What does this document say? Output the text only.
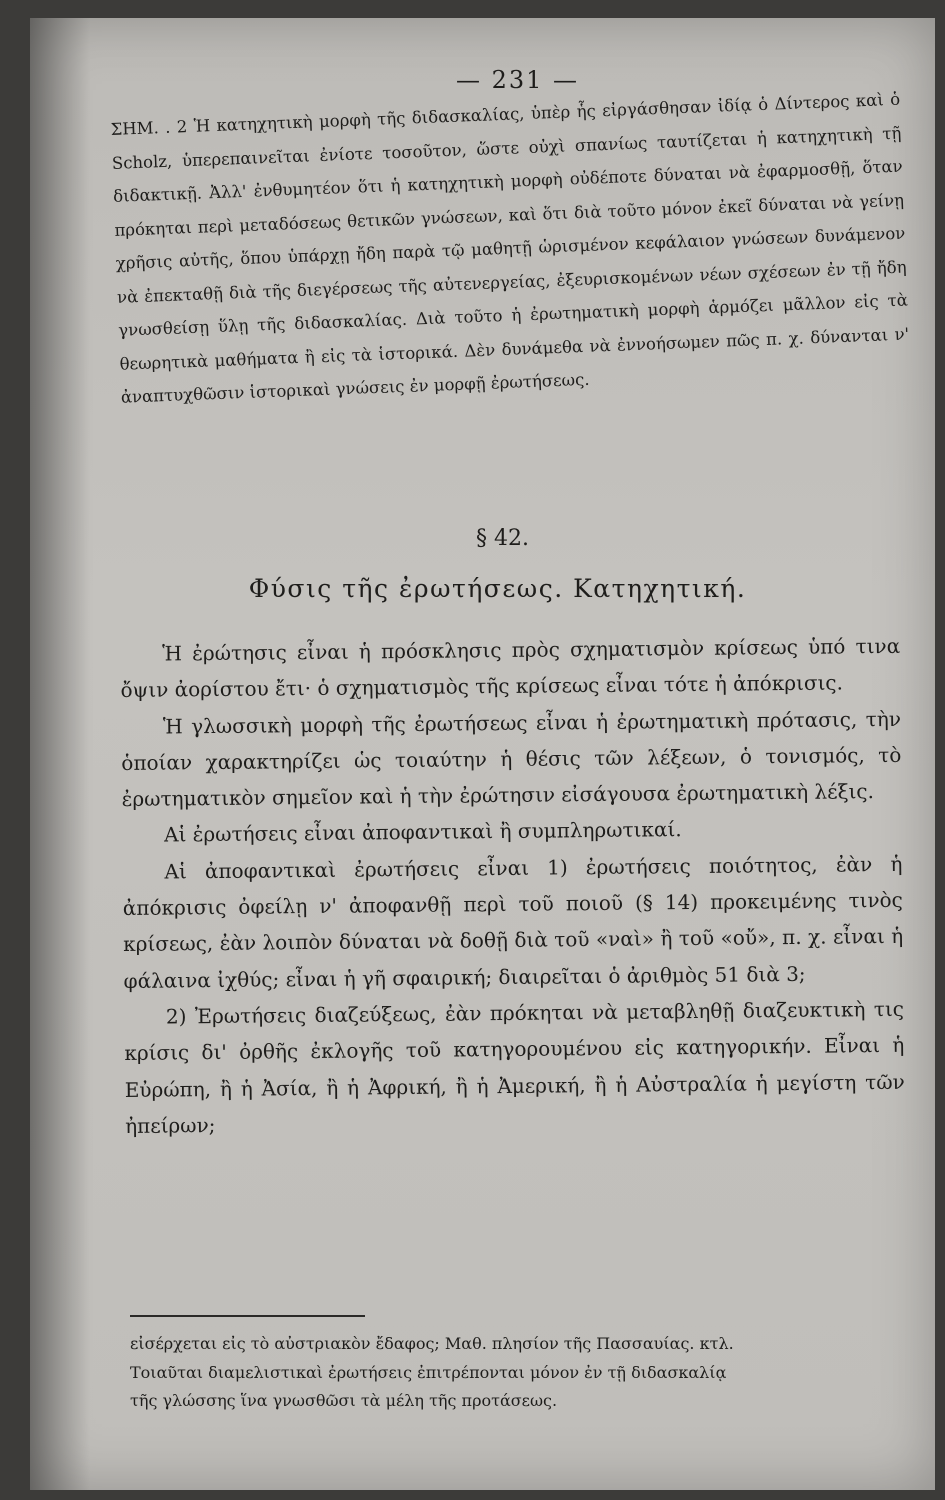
— 231 —

ΣΗΜ. . 2 Ἡ κατηχητικὴ μορφὴ τῆς διδασκαλίας, ὑπὲρ ἧς εἰργάσθησαν ἰδίᾳ ὁ Δίντερος καὶ ὁ Scholz, ὑπερεπαινεῖται ἐνίοτε τοσοῦτον, ὥστε οὐχὶ σπανίως ταυτίζεται ἡ κατηχητικὴ τῇ διδακτικῇ. Ἀλλ' ἐνθυμητέον ὅτι ἡ κατηχητικὴ μορφὴ οὐδέποτε δύναται νὰ ἐφαρμοσθῇ, ὅταν πρόκηται περὶ μεταδόσεως θετικῶν γνώσεων, καὶ ὅτι διὰ τοῦτο μόνον ἐκεῖ δύναται νὰ γείνῃ χρῆσις αὐτῆς, ὅπου ὑπάρχῃ ἤδη παρὰ τῷ μαθητῇ ὡρισμένον κεφάλαιον γνώσεων δυνάμενον νὰ ἐπεκταθῇ διὰ τῆς διεγέρσεως τῆς αὐτενεργείας, ἐξευρισκομένων νέων σχέσεων ἐν τῇ ἤδη γνωσθείσῃ ὕλῃ τῆς διδασκαλίας. Διὰ τοῦτο ἡ ἐρωτηματικὴ μορφὴ ἁρμόζει μᾶλλον εἰς τὰ θεωρητικὰ μαθήματα ἢ εἰς τὰ ἱστορικά. Δὲν δυνάμεθα νὰ ἐννοήσωμεν πῶς π. χ. δύνανται ν' ἀναπτυχθῶσιν ἱστορικαὶ γνώσεις ἐν μορφῇ ἐρωτήσεως.

§ 42.
Φύσις τῆς ἐρωτήσεως. Κατηχητική.

Ἡ ἐρώτησις εἶναι ἡ πρόσκλησις πρὸς σχηματισμὸν κρίσεως ὑπό τινα ὄψιν ἀορίστου ἔτι· ὁ σχηματισμὸς τῆς κρίσεως εἶναι τότε ἡ ἀπόκρισις.

Ἡ γλωσσικὴ μορφὴ τῆς ἐρωτήσεως εἶναι ἡ ἐρωτηματικὴ πρότασις, τὴν ὁποίαν χαρακτηρίζει ὡς τοιαύτην ἡ θέσις τῶν λέξεων, ὁ τονισμός, τὸ ἐρωτηματικὸν σημεῖον καὶ ἡ τὴν ἐρώτησιν εἰσάγουσα ἐρωτηματικὴ λέξις.

Αἱ ἐρωτήσεις εἶναι ἀποφαντικαὶ ἢ συμπληρωτικαί.

Αἱ ἀποφαντικαὶ ἐρωτήσεις εἶναι 1) ἐρωτήσεις ποιότητος, ἐὰν ἡ ἀπόκρισις ὀφείλῃ ν' ἀποφανθῇ περὶ τοῦ ποιοῦ (§ 14) προκειμένης τινὸς κρίσεως, ἐὰν λοιπὸν δύναται νὰ δοθῇ διὰ τοῦ «ναὶ» ἢ τοῦ «οὔ», π. χ. εἶναι ἡ φάλαινα ἰχθύς; εἶναι ἡ γῆ σφαιρική; διαιρεῖται ὁ ἀριθμὸς 51 διὰ 3;

2) Ἐρωτήσεις διαζεύξεως, ἐὰν πρόκηται νὰ μεταβληθῇ διαζευκτικὴ τις κρίσις δι' ὀρθῆς ἐκλογῆς τοῦ κατηγορουμένου εἰς κατηγορικήν. Εἶναι ἡ Εὐρώπη, ἢ ἡ Ἀσία, ἢ ἡ Ἀφρική, ἢ ἡ Ἀμερική, ἢ ἡ Αὐστραλία ἡ μεγίστη τῶν ἠπείρων;

εἰσέρχεται εἰς τὸ αὐστριακὸν ἔδαφος; Μαθ. πλησίον τῆς Πασσαυίας. κτλ.

Τοιαῦται διαμελιστικαὶ ἐρωτήσεις ἐπιτρέπονται μόνον ἐν τῇ διδασκαλίᾳ

τῆς γλώσσης ἵνα γνωσθῶσι τὰ μέλη τῆς προτάσεως.
